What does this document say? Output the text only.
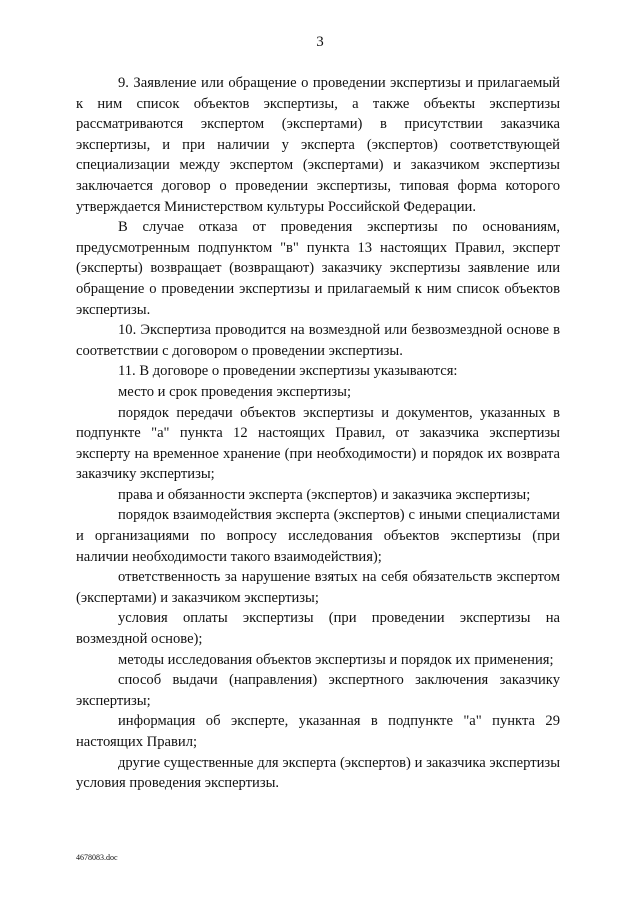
3

9. Заявление или обращение о проведении экспертизы и прилагаемый к ним список объектов экспертизы, а также объекты экспертизы рассматриваются экспертом (экспертами) в присутствии заказчика экспертизы, и при наличии у эксперта (экспертов) соответствующей специализации между экспертом (экспертами) и заказчиком экспертизы заключается договор о проведении экспертизы, типовая форма которого утверждается Министерством культуры Российской Федерации.

В случае отказа от проведения экспертизы по основаниям, предусмотренным подпунктом "в" пункта 13 настоящих Правил, эксперт (эксперты) возвращает (возвращают) заказчику экспертизы заявление или обращение о проведении экспертизы и прилагаемый к ним список объектов экспертизы.

10. Экспертиза проводится на возмездной или безвозмездной основе в соответствии с договором о проведении экспертизы.

11. В договоре о проведении экспертизы указываются:

место и срок проведения экспертизы;

порядок передачи объектов экспертизы и документов, указанных в подпункте "а" пункта 12 настоящих Правил, от заказчика экспертизы эксперту на временное хранение (при необходимости) и порядок их возврата заказчику экспертизы;

права и обязанности эксперта (экспертов) и заказчика экспертизы;

порядок взаимодействия эксперта (экспертов) с иными специалистами и организациями по вопросу исследования объектов экспертизы (при наличии необходимости такого взаимодействия);

ответственность за нарушение взятых на себя обязательств экспертом (экспертами) и заказчиком экспертизы;

условия оплаты экспертизы (при проведении экспертизы на возмездной основе);

методы исследования объектов экспертизы и порядок их применения;

способ выдачи (направления) экспертного заключения заказчику экспертизы;

информация об эксперте, указанная в подпункте "а" пункта 29 настоящих Правил;

другие существенные для эксперта (экспертов) и заказчика экспертизы условия проведения экспертизы.

4678083.doc
